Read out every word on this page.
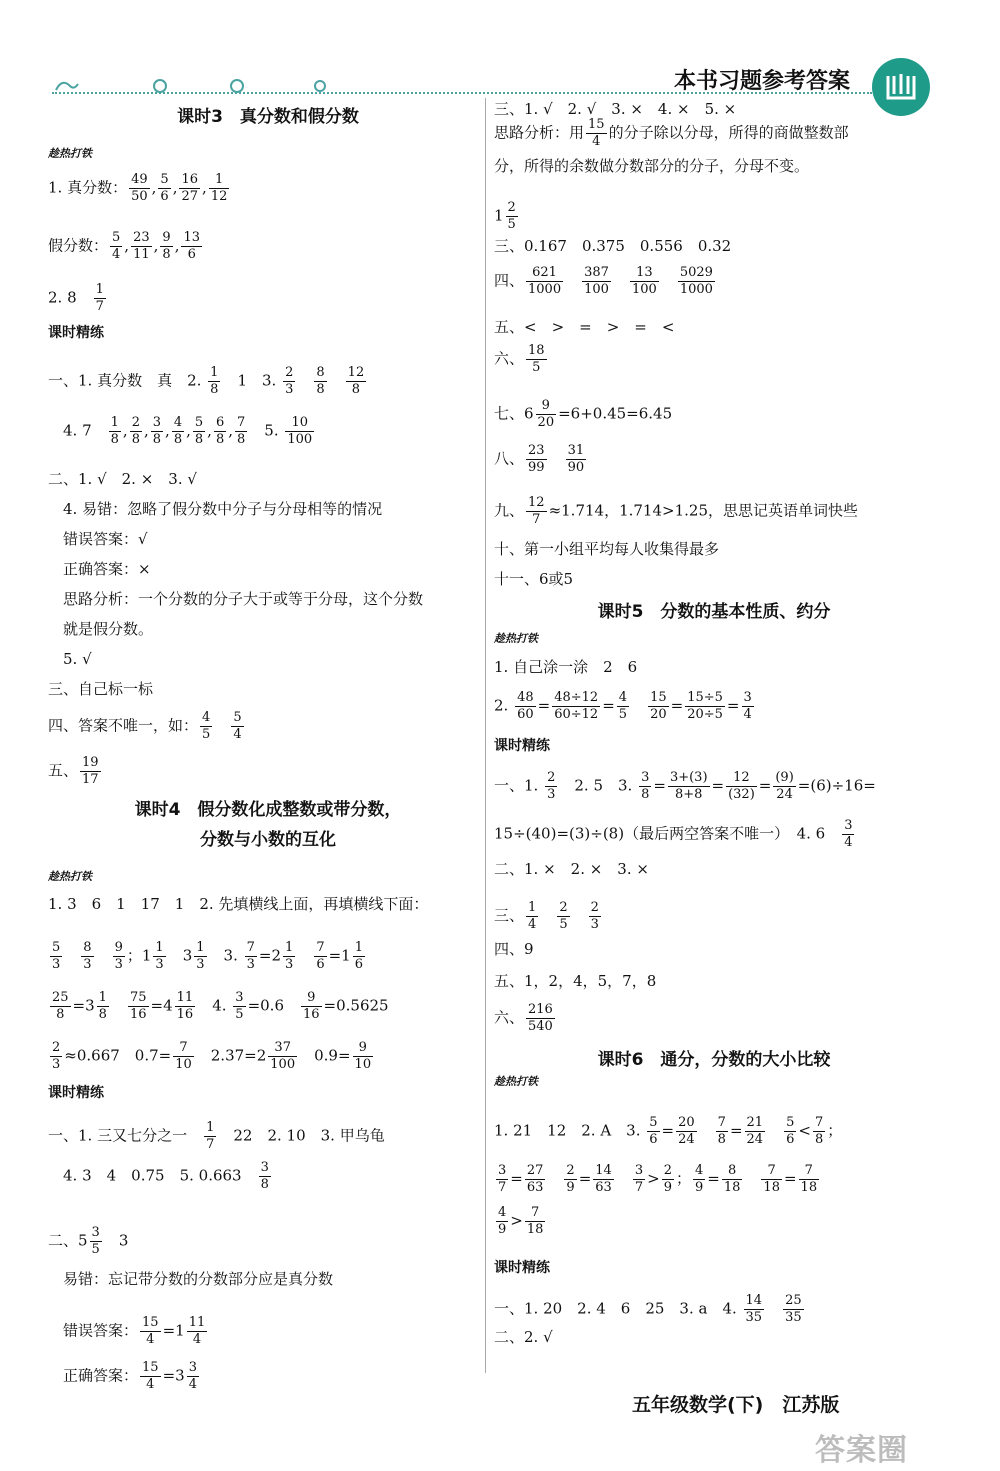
本书习题参考答案
课时3　真分数和假分数
趁热打铁
1. 真分数： $\frac{49}{50}$ , $\frac{5}{6}$ , $\frac{16}{27}$ , $\frac{1}{12}$
假分数： $\frac{5}{4}$ , $\frac{23}{11}$ , $\frac{9}{8}$ , $\frac{13}{6}$
2. 8　 $\frac{1}{7}$
课时精练
一、1. 真分数　真　2. $\frac{1}{8}$ 　1　3. $\frac{2}{3}$
　 $\frac{8}{8}$
　 $\frac{12}{8}$
　4. 7　 $\frac{1}{8}$ , $\frac{2}{8}$ , $\frac{3}{8}$ , $\frac{4}{8}$ , $\frac{5}{8}$ , $\frac{6}{8}$ , $\frac{7}{8}$ 　5. $\frac{10}{100}$
二、1. √　2. ×　3. √
　4. 易错：忽略了假分数中分子与分母相等的情况
　错误答案：√
　正确答案：×
　思路分析：一个分数的分子大于或等于分母，这个分数
　就是假分数。
　5. √
三、自己标一标
四、答案不唯一，如： $\frac{4}{5}$
　 $\frac{5}{4}$
五、 $\frac{19}{17}$
课时4　假分数化成整数或带分数，
分数与小数的互化
趁热打铁
1. 3　6　1　17　1　2. 先填横线上面，再填横线下面：
$\frac{5}{3}$
　 $\frac{8}{3}$
　 $\frac{9}{3}$ ；$1 \frac{1}{3}$ 　$3 \frac{1}{3}$ 　3. $\frac{7}{3} =2 \frac{1}{3}$
　 $\frac{7}{6} =1 \frac{1}{6}$
$\frac{25}{8} =3 \frac{1}{8}$
　 $\frac{75}{16} =4 \frac{11}{16}$ 　4. $\frac{3}{5} =0.6$　 $\frac{9}{16} =0.5625$
$\frac{2}{3} \approx 0.667$　$0.7= \frac{7}{10}$ 　$2.37=2 \frac{37}{100}$ 　$0.9= \frac{9}{10}$
课时精练
一、1. 三又七分之一　 $\frac{1}{7}$ 　22　2. 10　3. 甲乌龟
　4. 3　4　0.75　5. 0.663　 $\frac{3}{8}$
二、$5 \frac{3}{5}$ 　3
　易错：忘记带分数的分数部分应是真分数
　错误答案： $\frac{15}{4} =1 \frac{11}{4}$
　正确答案： $\frac{15}{4} =3 \frac{3}{4}$
思路分析：用 $\frac{15}{4}$ 的分子除以分母，所得的商做整数部
分，所得的余数做分数部分的分子，分母不变。
$1 \frac{2}{5}$
三、0.167　0.375　0.556　0.32
四、 $\frac{621}{1000}$
　 $\frac{387}{100}$
　 $\frac{13}{100}$
　 $\frac{5029}{1000}$
五、<　>　=　>　=　<
六、 $\frac{18}{5}$
七、$6 \frac{9}{20} =6+0.45=6.45$
八、 $\frac{23}{99}$
　 $\frac{31}{90}$
九、 $\frac{12}{7} \approx 1.714$，1.714>1.25，思思记英语单词快些
十、第一小组平均每人收集得最多
十一、6或5
课时5　分数的基本性质、约分
趁热打铁
1. 自己涂一涂　2　6
2. $\frac{48}{60} = \frac{48\div 12}{60\div 12} = \frac{4}{5}$
　 $\frac{15}{20} = \frac{15\div 5}{20\div 5} = \frac{3}{4}$
课时精练
一、1. $\frac{2}{3}$ 　2. 5　3. $\frac{3}{8} = \frac{3+(3)}{8+8} = \frac{12}{(32)} = \frac{(9)}{24} =(6)\div 16=$
15÷(40)=(3)÷(8)（最后两空答案不唯一）　4. 6　 $\frac{3}{4}$
二、1. ×　2. ×　3. ×
三、 $\frac{1}{4}$
　 $\frac{2}{5}$
　 $\frac{2}{3}$
四、9
五、1，2，4，5，7，8
六、 $\frac{216}{540}$
课时6　通分，分数的大小比较
趁热打铁
1. 21　12　2. A　3. $\frac{5}{6} = \frac{20}{24}$
　 $\frac{7}{8} = \frac{21}{24}$
　 $\frac{5}{6} < \frac{7}{8}$ ；
$\frac{3}{7} = \frac{27}{63}$
　 $\frac{2}{9} = \frac{14}{63}$
　 $\frac{3}{7} > \frac{2}{9}$ ； $\frac{4}{9} = \frac{8}{18}$
　 $\frac{7}{18} = \frac{7}{18}$
$\frac{4}{9} > \frac{7}{18}$
课时精练
一、1. 20　2. 4　6　25　3. a　4. $\frac{14}{35}$
　 $\frac{25}{35}$
二、2. √
三、1. √　2. √　3. ×　4. ×　5. ×
五年级数学(下)　江苏版
答案圈
